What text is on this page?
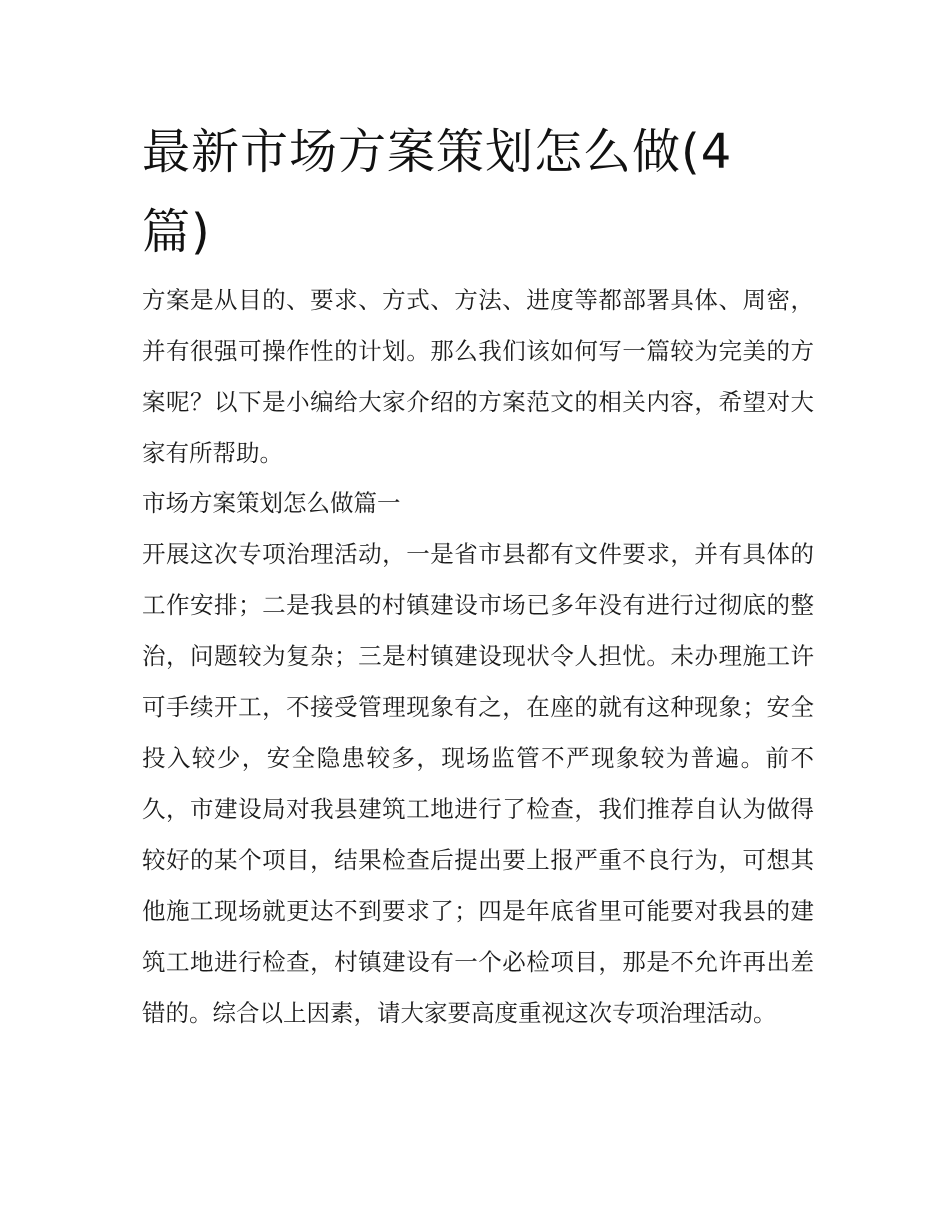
最新市场方案策划怎么做(4篇)

方案是从目的、要求、方式、方法、进度等都部署具体、周密，并有很强可操作性的计划。那么我们该如何写一篇较为完美的方案呢？以下是小编给大家介绍的方案范文的相关内容，希望对大家有所帮助。

市场方案策划怎么做篇一

开展这次专项治理活动，一是省市县都有文件要求，并有具体的工作安排；二是我县的村镇建设市场已多年没有进行过彻底的整治，问题较为复杂；三是村镇建设现状令人担忧。未办理施工许可手续开工，不接受管理现象有之，在座的就有这种现象；安全投入较少，安全隐患较多，现场监管不严现象较为普遍。前不久，市建设局对我县建筑工地进行了检查，我们推荐自认为做得较好的某个项目，结果检查后提出要上报严重不良行为，可想其他施工现场就更达不到要求了；四是年底省里可能要对我县的建筑工地进行检查，村镇建设有一个必检项目，那是不允许再出差错的。综合以上因素，请大家要高度重视这次专项治理活动。
